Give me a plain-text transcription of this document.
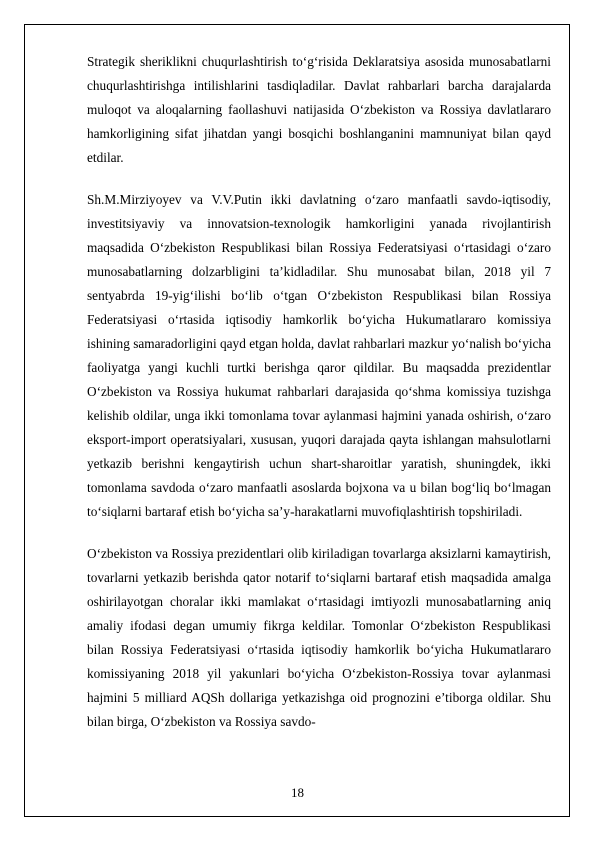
Strategik sheriklikni chuqurlashtirish to‘g‘risida Deklaratsiya asosida munosabatlarni chuqurlashtirishga intilishlarini tasdiqladilar. Davlat rahbarlari barcha darajalarda muloqot va aloqalarning faollashuvi natijasida O‘zbekiston va Rossiya davlatlararo hamkorligining sifat jihatdan yangi bosqichi boshlanganini mamnuniyat bilan qayd etdilar.

Sh.M.Mirziyoyev va V.V.Putin ikki davlatning o‘zaro manfaatli savdo-iqtisodiy, investitsiyaviy va innovatsion-texnologik hamkorligini yanada rivojlantirish maqsadida O‘zbekiston Respublikasi bilan Rossiya Federatsiyasi o‘rtasidagi o‘zaro munosabatlarning dolzarbligini ta’kidladilar. Shu munosabat bilan, 2018 yil 7 sentyabrda 19-yig‘ilishi bo‘lib o‘tgan O‘zbekiston Respublikasi bilan Rossiya Federatsiyasi o‘rtasida iqtisodiy hamkorlik bo‘yicha Hukumatlararo komissiya ishining samaradorligini qayd etgan holda, davlat rahbarlari mazkur yo‘nalish bo‘yicha faoliyatga yangi kuchli turtki berishga qaror qildilar. Bu maqsadda prezidentlar O‘zbekiston va Rossiya hukumat rahbarlari darajasida qo‘shma komissiya tuzishga kelishib oldilar, unga ikki tomonlama tovar aylanmasi hajmini yanada oshirish, o‘zaro eksport-import operatsiyalari, xususan, yuqori darajada qayta ishlangan mahsulotlarni yetkazib berishni kengaytirish uchun shart-sharoitlar yaratish, shuningdek, ikki tomonlama savdoda o‘zaro manfaatli asoslarda bojxona va u bilan bog‘liq bo‘lmagan to‘siqlarni bartaraf etish bo‘yicha sa’y-harakatlarni muvofiqlashtirish topshiriladi.

O‘zbekiston va Rossiya prezidentlari olib kiriladigan tovarlarga aksizlarni kamaytirish, tovarlarni yetkazib berishda qator notarif to‘siqlarni bartaraf etish maqsadida amalga oshirilayotgan choralar ikki mamlakat o‘rtasidagi imtiyozli munosabatlarning aniq amaliy ifodasi degan umumiy fikrga keldilar. Tomonlar O‘zbekiston Respublikasi bilan Rossiya Federatsiyasi o‘rtasida iqtisodiy hamkorlik bo‘yicha Hukumatlararo komissiyaning 2018 yil yakunlari bo‘yicha O‘zbekiston-Rossiya tovar aylanmasi hajmini 5 milliard AQSh dollariga yetkazishga oid prognozini e’tiborga oldilar. Shu bilan birga, O‘zbekiston va Rossiya savdo-

18
